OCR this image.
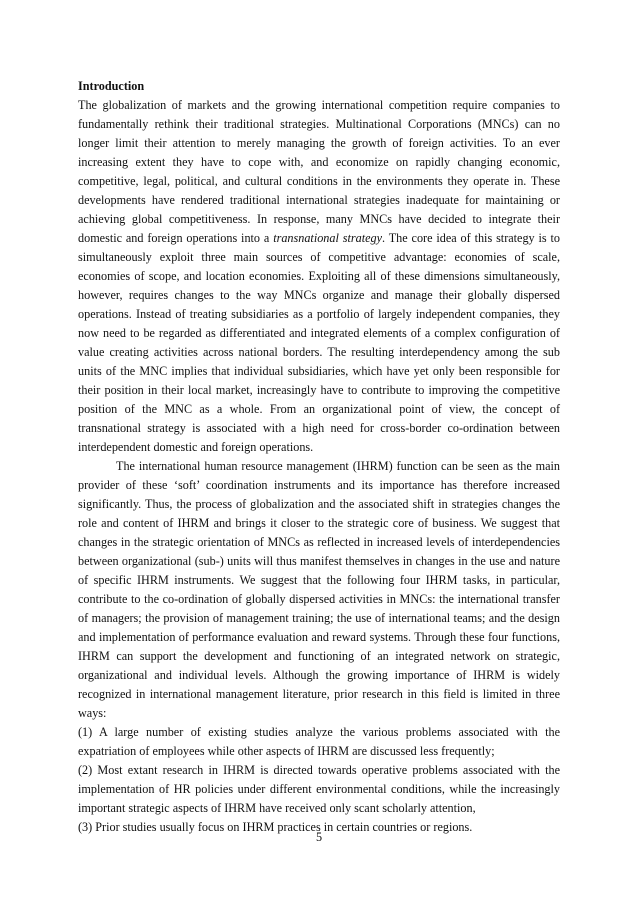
Introduction

The globalization of markets and the growing international competition require companies to fundamentally rethink their traditional strategies. Multinational Corporations (MNCs) can no longer limit their attention to merely managing the growth of foreign activities. To an ever increasing extent they have to cope with, and economize on rapidly changing economic, competitive, legal, political, and cultural conditions in the environments they operate in. These developments have rendered traditional international strategies inadequate for maintaining or achieving global competitiveness. In response, many MNCs have decided to integrate their domestic and foreign operations into a transnational strategy. The core idea of this strategy is to simultaneously exploit three main sources of competitive advantage: economies of scale, economies of scope, and location economies. Exploiting all of these dimensions simultaneously, however, requires changes to the way MNCs organize and manage their globally dispersed operations. Instead of treating subsidiaries as a portfolio of largely independent companies, they now need to be regarded as differentiated and integrated elements of a complex configuration of value creating activities across national borders. The resulting interdependency among the sub units of the MNC implies that individual subsidiaries, which have yet only been responsible for their position in their local market, increasingly have to contribute to improving the competitive position of the MNC as a whole. From an organizational point of view, the concept of transnational strategy is associated with a high need for cross-border co-ordination between interdependent domestic and foreign operations.

The international human resource management (IHRM) function can be seen as the main provider of these ‘soft’ coordination instruments and its importance has therefore increased significantly. Thus, the process of globalization and the associated shift in strategies changes the role and content of IHRM and brings it closer to the strategic core of business. We suggest that changes in the strategic orientation of MNCs as reflected in increased levels of interdependencies between organizational (sub-) units will thus manifest themselves in changes in the use and nature of specific IHRM instruments. We suggest that the following four IHRM tasks, in particular, contribute to the co-ordination of globally dispersed activities in MNCs: the international transfer of managers; the provision of management training; the use of international teams; and the design and implementation of performance evaluation and reward systems. Through these four functions, IHRM can support the development and functioning of an integrated network on strategic, organizational and individual levels. Although the growing importance of IHRM is widely recognized in international management literature, prior research in this field is limited in three ways:

(1) A large number of existing studies analyze the various problems associated with the expatriation of employees while other aspects of IHRM are discussed less frequently;

(2) Most extant research in IHRM is directed towards operative problems associated with the implementation of HR policies under different environmental conditions, while the increasingly important strategic aspects of IHRM have received only scant scholarly attention,

(3) Prior studies usually focus on IHRM practices in certain countries or regions.

5
